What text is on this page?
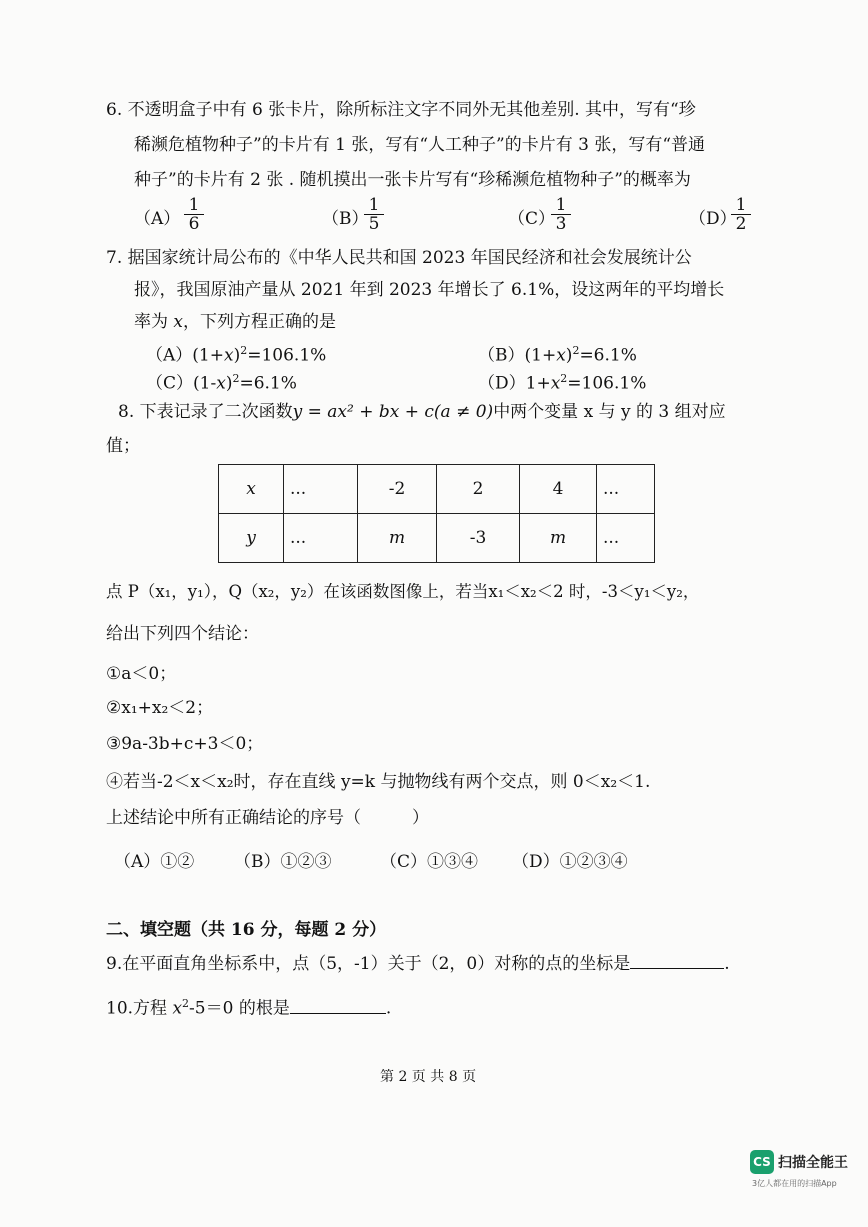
6. 不透明盒子中有 6 张卡片，除所标注文字不同外无其他差别. 其中，写有“珍
稀濒危植物种子”的卡片有 1 张，写有“人工种子”的卡片有 3 张，写有“普通
种子”的卡片有 2 张 . 随机摸出一张卡片写有“珍稀濒危植物种子”的概率为
$(A) \frac{1}{6}$	（B）
$\frac{1}{5}$	（C）
$\frac{1}{3}$	（D）
$\frac{1}{2}$
7. 据国家统计局公布的《中华人民共和国 2023 年国民经济和社会发展统计公
报》，我国原油产量从 2021 年到 2023 年增长了 6.1%，设这两年的平均增长
率为 x，下列方程正确的是
$(A)(1+x)^2=106.1\%$	$(B)(1+x)^2=6.1\%$
$(C)(1-x)^2=6.1\%$	$(D)1+x^2=106.1\%$
8. 下表记录了二次函数y = ax² + bx + c(a ≠ 0)中两个变量 x 与 y 的 3 组对应
值；
x	...	-2	2	4	...
y	...	m	-3	m	...
点 P（x₁，y₁），Q（x₂，y₂）在该函数图像上，若当x₁＜x₂＜2 时，-3＜y₁＜y₂，
给出下列四个结论：
①a＜0；
②x₁+x₂＜2；
③9a-3b+c+3＜0；
④若当-2＜x＜x₂时，存在直线 y=k 与抛物线有两个交点，则 0＜x₂＜1.
上述结论中所有正确结论的序号（　　　）
（A）①② （B）①②③	（C）①③④ （D）①②③④
二、填空题（共 16 分，每题 2 分）
9.在平面直角坐标系中，点（5，-1）关于（2，0）对称的点的坐标是	.
10.方程 $x^2-5=0$ 的根是	.
第 2 页 共 8 页
CS 扫描全能王
3亿人都在用的扫描App
